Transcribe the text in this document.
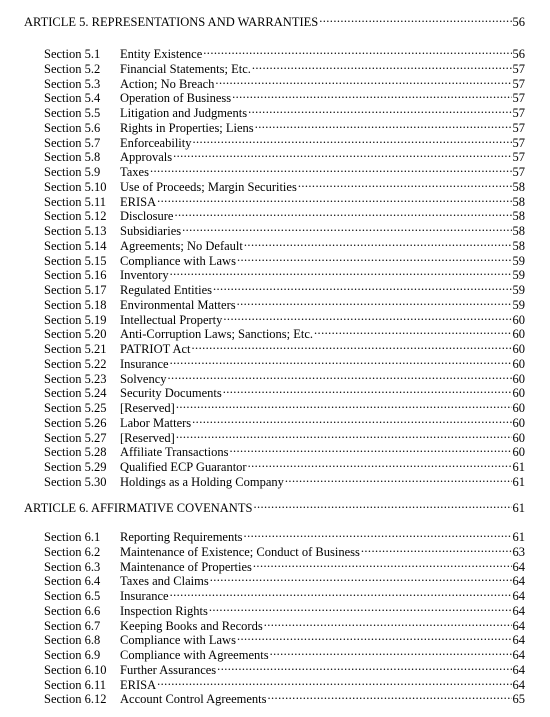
ARTICLE 5. REPRESENTATIONS AND WARRANTIES .....	56
Section 5.1	Entity Existence .....	56
Section 5.2	Financial Statements; Etc. .....	57
Section 5.3	Action; No Breach .....	57
Section 5.4	Operation of Business .....	57
Section 5.5	Litigation and Judgments .....	57
Section 5.6	Rights in Properties; Liens .....	57
Section 5.7	Enforceability .....	57
Section 5.8	Approvals .....	57
Section 5.9	Taxes .....	57
Section 5.10	Use of Proceeds; Margin Securities .....	58
Section 5.11	ERISA .....	58
Section 5.12	Disclosure .....	58
Section 5.13	Subsidiaries .....	58
Section 5.14	Agreements; No Default .....	58
Section 5.15	Compliance with Laws .....	59
Section 5.16	Inventory .....	59
Section 5.17	Regulated Entities .....	59
Section 5.18	Environmental Matters .....	59
Section 5.19	Intellectual Property .....	60
Section 5.20	Anti-Corruption Laws; Sanctions; Etc. .....	60
Section 5.21	PATRIOT Act .....	60
Section 5.22	Insurance .....	60
Section 5.23	Solvency .....	60
Section 5.24	Security Documents .....	60
Section 5.25	[Reserved] .....	60
Section 5.26	Labor Matters .....	60
Section 5.27	[Reserved] .....	60
Section 5.28	Affiliate Transactions .....	60
Section 5.29	Qualified ECP Guarantor .....	61
Section 5.30	Holdings as a Holding Company .....	61
ARTICLE 6. AFFIRMATIVE COVENANTS .....	61
Section 6.1	Reporting Requirements .....	61
Section 6.2	Maintenance of Existence; Conduct of Business .....	63
Section 6.3	Maintenance of Properties .....	64
Section 6.4	Taxes and Claims .....	64
Section 6.5	Insurance .....	64
Section 6.6	Inspection Rights .....	64
Section 6.7	Keeping Books and Records .....	64
Section 6.8	Compliance with Laws .....	64
Section 6.9	Compliance with Agreements .....	64
Section 6.10	Further Assurances .....	64
Section 6.11	ERISA .....	64
Section 6.12	Account Control Agreements .....	65
